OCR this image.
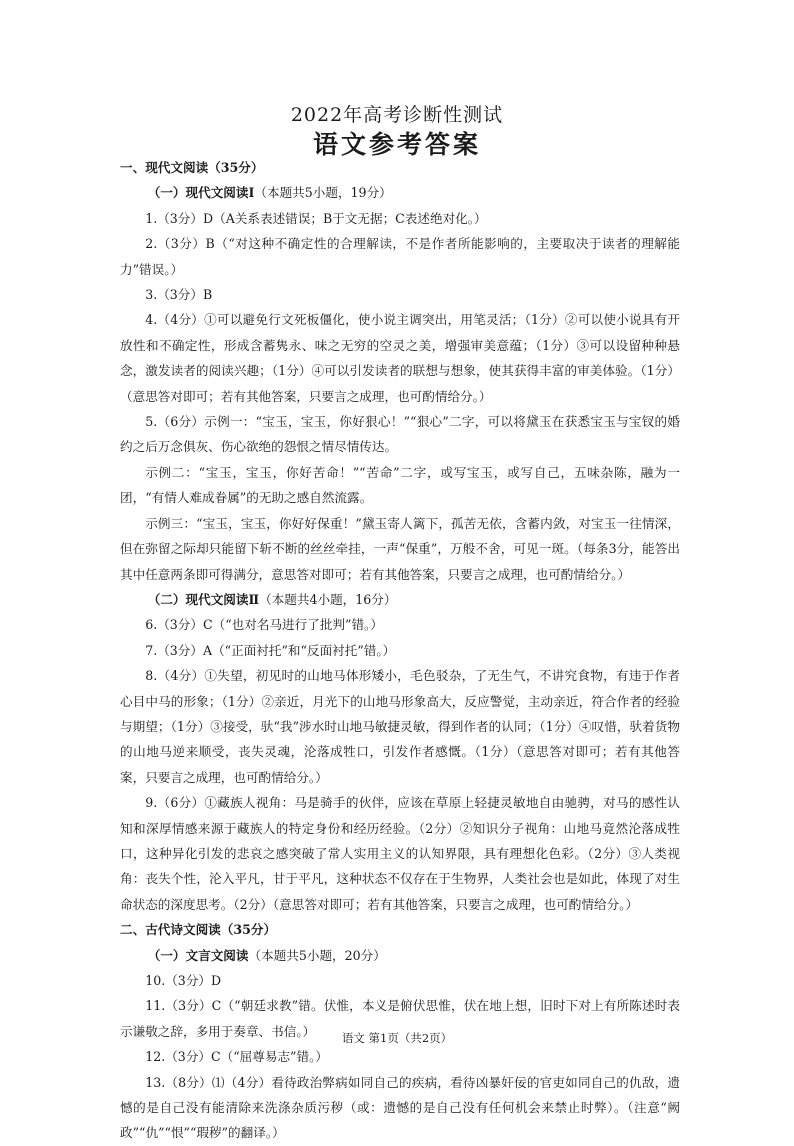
2022年高考诊断性测试
语文参考答案

一、现代文阅读（35分）

（一）现代文阅读Ⅰ（本题共5小题，19分）

1.（3分）D（A关系表述错误；B于文无据；C表述绝对化。）

2.（3分）B（“对这种不确定性的合理解读，不是作者所能影响的，主要取决于读者的理解能力”错误。）

3.（3分）B

4.（4分）①可以避免行文死板僵化，使小说主调突出，用笔灵活；（1分）②可以使小说具有开放性和不确定性，形成含蓄隽永、味之无穷的空灵之美，增强审美意蕴；（1分）③可以设留种种悬念，激发读者的阅读兴趣；（1分）④可以引发读者的联想与想象，使其获得丰富的审美体验。（1分）（意思答对即可；若有其他答案，只要言之成理，也可酌情给分。）

5.（6分）示例一：“宝玉，宝玉，你好狠心！”“狠心”二字，可以将黛玉在获悉宝玉与宝钗的婚约之后万念俱灰、伤心欲绝的怨恨之情尽情传达。

示例二：“宝玉，宝玉，你好苦命！”“苦命”二字，或写宝玉，或写自己，五味杂陈，融为一团，“有情人难成眷属”的无助之感自然流露。

示例三：“宝玉，宝玉，你好好保重！”黛玉寄人篱下，孤苦无依，含蓄内敛，对宝玉一往情深，但在弥留之际却只能留下斩不断的丝丝牵挂，一声“保重”，万般不舍，可见一斑。（每条3分，能答出其中任意两条即可得满分，意思答对即可；若有其他答案，只要言之成理，也可酌情给分。）

（二）现代文阅读Ⅱ（本题共4小题，16分）

6.（3分）C（“也对名马进行了批判”错。）

7.（3分）A（“正面衬托”和“反面衬托”错。）

8.（4分）①失望，初见时的山地马体形矮小，毛色驳杂，了无生气，不讲究食物，有违于作者心目中马的形象；（1分）②亲近，月光下的山地马形象高大，反应警觉，主动亲近，符合作者的经验与期望；（1分）③接受，驮“我”涉水时山地马敏捷灵敏，得到作者的认同；（1分）④叹惜，驮着货物的山地马逆来顺受，丧失灵魂，沦落成牲口，引发作者感慨。（1分）（意思答对即可；若有其他答案，只要言之成理，也可酌情给分。）

9.（6分）①藏族人视角：马是骑手的伙伴，应该在草原上轻捷灵敏地自由驰骋，对马的感性认知和深厚情感来源于藏族人的特定身份和经历经验。（2分）②知识分子视角：山地马竟然沦落成牲口，这种异化引发的悲哀之感突破了常人实用主义的认知界限，具有理想化色彩。（2分）③人类视角：丧失个性，沦入平凡，甘于平凡，这种状态不仅存在于生物界，人类社会也是如此，体现了对生命状态的深度思考。（2分）（意思答对即可；若有其他答案，只要言之成理，也可酌情给分。）

二、古代诗文阅读（35分）

（一）文言文阅读（本题共5小题，20分）

10.（3分）D

11.（3分）C（“朝廷求教”错。伏惟，本义是俯伏思惟，伏在地上想，旧时下对上有所陈述时表示谦敬之辞，多用于奏章、书信。）

12.（3分）C（“屈尊易志”错。）

13.（8分）⑴（4分）看待政治弊病如同自己的疾病，看待凶暴奸佞的官吏如同自己的仇敌，遗憾的是自己没有能清除来洗涤杂质污秽（或：遗憾的是自己没有任何机会来禁止时弊）。（注意“阙政”“仇”“恨”“瑕秽”的翻译。）

语文 第1页（共2页）
